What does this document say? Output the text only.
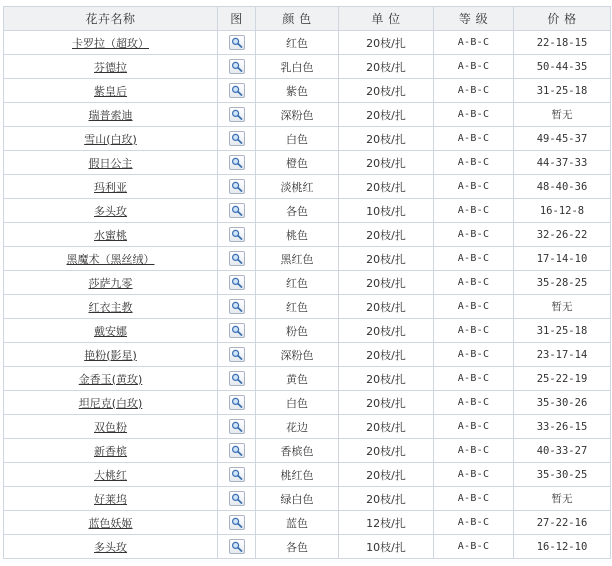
花卉名称	图	颜 色	单 位	等 级	价 格
卡罗拉（超玫）		红色	20枝/扎	A-B-C	22-18-15
芬德拉		乳白色	20枝/扎	A-B-C	50-44-35
紫皇后		紫色	20枝/扎	A-B-C	31-25-18
瑞普索迪		深粉色	20枝/扎	A-B-C	暂无
雪山(白玫)		白色	20枝/扎	A-B-C	49-45-37
假日公主		橙色	20枝/扎	A-B-C	44-37-33
玛利亚		淡桃红	20枝/扎	A-B-C	48-40-36
多头玫		各色	10枝/扎	A-B-C	16-12-8
水蜜桃		桃色	20枝/扎	A-B-C	32-26-22
黑魔术（黑丝绒）		黑红色	20枝/扎	A-B-C	17-14-10
莎萨九零		红色	20枝/扎	A-B-C	35-28-25
红衣主教		红色	20枝/扎	A-B-C	暂无
戴安娜		粉色	20枝/扎	A-B-C	31-25-18
艳粉(影星)		深粉色	20枝/扎	A-B-C	23-17-14
金香玉(黄玫)		黄色	20枝/扎	A-B-C	25-22-19
坦尼克(白玫)		白色	20枝/扎	A-B-C	35-30-26
双色粉		花边	20枝/扎	A-B-C	33-26-15
新香槟		香槟色	20枝/扎	A-B-C	40-33-27
大桃红		桃红色	20枝/扎	A-B-C	35-30-25
好莱坞		绿白色	20枝/扎	A-B-C	暂无
蓝色妖姬		蓝色	12枝/扎	A-B-C	27-22-16
多头玫		各色	10枝/扎	A-B-C	16-12-10
